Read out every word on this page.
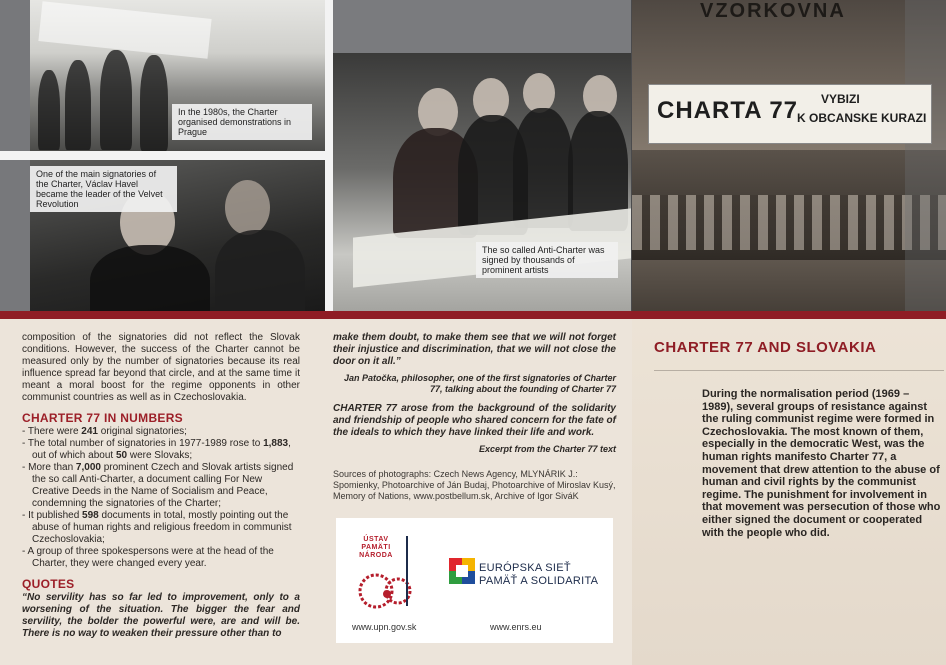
VZORKOVNA
CHARTA 77 VYBIZI
K OBCANSKE KURAZI
In the 1980s, the Charter organised demonstrations in Prague
One of the main signatories of the Charter, Václav Havel became the leader of the Velvet Revolution
The so called Anti-Charter was signed by thousands of prominent artists
composition of the signatories did not reflect the Slovak conditions. However, the success of the Charter cannot be measured only by the number of signatories because its real influence spread far beyond that circle, and at the same time it meant a moral boost for the regime opponents in other communist countries as well as in Czechoslovakia.
CHARTER 77 IN NUMBERS
- There were 241 original signatories;
- The total number of signatories in 1977-1989 rose to 1,883, out of which about 50 were Slovaks;
- More than 7,000 prominent Czech and Slovak artists signed the so call Anti-Charter, a document calling For New Creative Deeds in the Name of Socialism and Peace, condemning the signatories of the Charter;
- It published 598 documents in total, mostly pointing out the abuse of human rights and religious freedom in communist Czechoslovakia;
- A group of three spokespersons were at the head of the Charter, they were changed every year.
QUOTES
“No servility has so far led to improvement, only to a worsening of the situation. The bigger the fear and servility, the bolder the powerful were, are and will be. There is no way to weaken their pressure other than to
make them doubt, to make them see that we will not forget their injustice and discrimination, that we will not close the door on it all.”
Jan Patočka, philosopher, one of the first signatories of Charter 77, talking about the founding of Charter 77
CHARTER 77 arose from the background of the solidarity and friendship of people who shared concern for the fate of the ideals to which they have linked their life and work.
Excerpt from the Charter 77 text
Sources of photographs: Czech News Agency, MLYNÁRIK J.: Spomienky, Photoarchive of Ján Budaj, Photoarchive of Miroslav Kusý, Memory of Nations, www.postbellum.sk, Archive of Igor SiváK
ÚSTAV PAMÄTI NÁRODA
EURÓPSKA SIEŤ
PAMÄŤ A SOLIDARITA
www.upn.gov.sk	www.enrs.eu
CHARTER 77 AND SLOVAKIA
During the normalisation period (1969 – 1989), several groups of resistance against the ruling communist regime were formed in Czechoslovakia. The most known of them, especially in the democratic West, was the human rights manifesto Charter 77, a movement that drew attention to the abuse of human and civil rights by the communist regime. The punishment for involvement in that movement was persecution of those who either signed the document or cooperated with the people who did.
